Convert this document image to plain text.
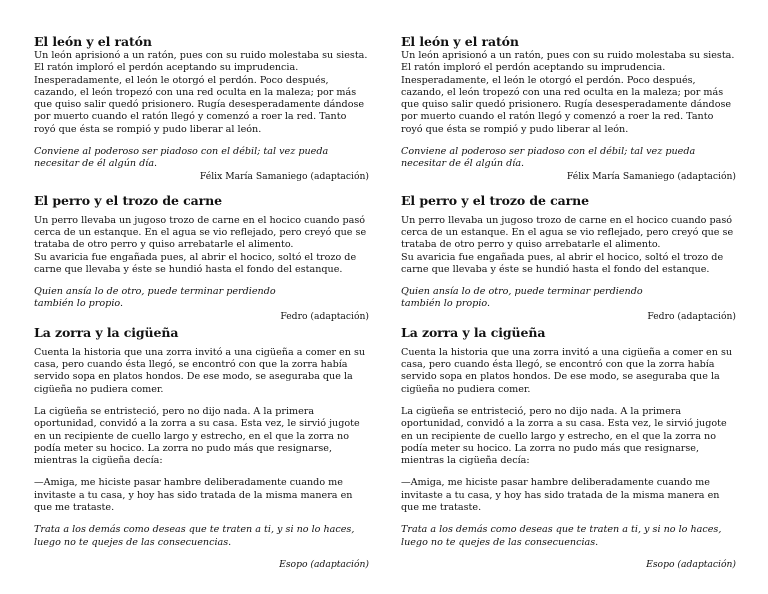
El león y el ratón

Un león aprisionó a un ratón, pues con su ruido molestaba su siesta. El ratón imploró el perdón aceptando su imprudencia. Inesperadamente, el león le otorgó el perdón. Poco después, cazando, el león tropezó con una red oculta en la maleza; por más que quiso salir quedó prisionero. Rugía desesperadamente dándose por muerto cuando el ratón llegó y comenzó a roer la red. Tanto royó que ésta se rompió y pudo liberar al león.

Conviene al poderoso ser piadoso con el débil; tal vez pueda necesitar de él algún día.

Félix María Samaniego (adaptación)
El perro y el trozo de carne

Un perro llevaba un jugoso trozo de carne en el hocico cuando pasó cerca de un estanque. En el agua se vio reflejado, pero creyó que se trataba de otro perro y quiso arrebatarle el alimento.

Su avaricia fue engañada pues, al abrir el hocico, soltó el trozo de carne que llevaba y éste se hundió hasta el fondo del estanque.

Quien ansía lo de otro, puede terminar perdiendo también lo propio.

Fedro (adaptación)
La zorra y la cigüeña

Cuenta la historia que una zorra invitó a una cigüeña a comer en su casa, pero cuando ésta llegó, se encontró con que la zorra había servido sopa en platos hondos. De ese modo, se aseguraba que la cigüeña no pudiera comer.

La cigüeña se entristeció, pero no dijo nada. A la primera oportunidad, convidó a la zorra a su casa. Esta vez, le sirvió jugote en un recipiente de cuello largo y estrecho, en el que la zorra no podía meter su hocico. La zorra no pudo más que resignarse, mientras la cigüeña decía:

—Amiga, me hiciste pasar hambre deliberadamente cuando me invitaste a tu casa, y hoy has sido tratada de la misma manera en que me trataste.

Trata a los demás como deseas que te traten a ti, y si no lo haces, luego no te quejes de las consecuencias.

Esopo (adaptación)
El león y el ratón

Un león aprisionó a un ratón, pues con su ruido molestaba su siesta. El ratón imploró el perdón aceptando su imprudencia. Inesperadamente, el león le otorgó el perdón. Poco después, cazando, el león tropezó con una red oculta en la maleza; por más que quiso salir quedó prisionero. Rugía desesperadamente dándose por muerto cuando el ratón llegó y comenzó a roer la red. Tanto royó que ésta se rompió y pudo liberar al león.

Conviene al poderoso ser piadoso con el débil; tal vez pueda necesitar de él algún día.

Félix María Samaniego (adaptación)
El perro y el trozo de carne

Un perro llevaba un jugoso trozo de carne en el hocico cuando pasó cerca de un estanque. En el agua se vio reflejado, pero creyó que se trataba de otro perro y quiso arrebatarle el alimento.

Su avaricia fue engañada pues, al abrir el hocico, soltó el trozo de carne que llevaba y éste se hundió hasta el fondo del estanque.

Quien ansía lo de otro, puede terminar perdiendo también lo propio.

Fedro (adaptación)
La zorra y la cigüeña

Cuenta la historia que una zorra invitó a una cigüeña a comer en su casa, pero cuando ésta llegó, se encontró con que la zorra había servido sopa en platos hondos. De ese modo, se aseguraba que la cigüeña no pudiera comer.

La cigüeña se entristeció, pero no dijo nada. A la primera oportunidad, convidó a la zorra a su casa. Esta vez, le sirvió jugote en un recipiente de cuello largo y estrecho, en el que la zorra no podía meter su hocico. La zorra no pudo más que resignarse, mientras la cigüeña decía:

—Amiga, me hiciste pasar hambre deliberadamente cuando me invitaste a tu casa, y hoy has sido tratada de la misma manera en que me trataste.

Trata a los demás como deseas que te traten a ti, y si no lo haces, luego no te quejes de las consecuencias.

Esopo (adaptación)
